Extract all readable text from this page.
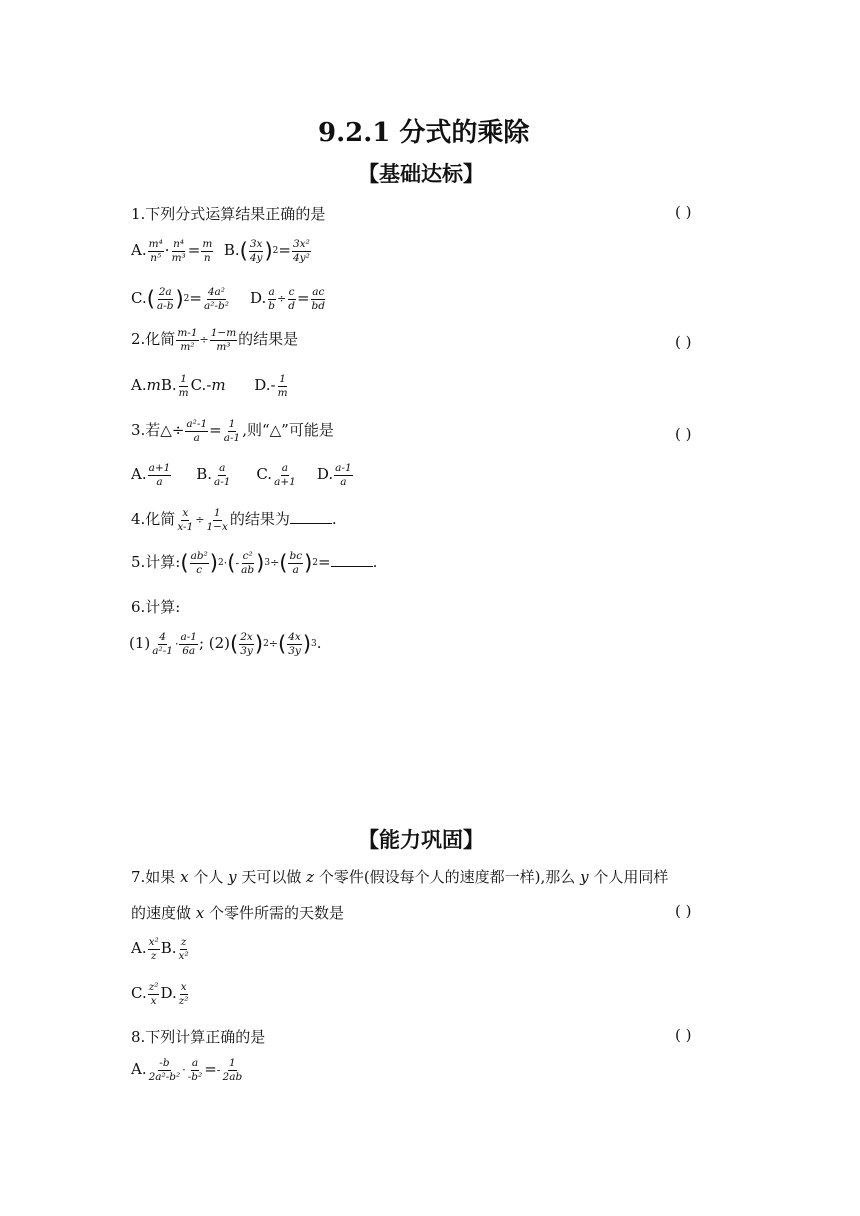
9.2.1 分式的乘除
【基础达标】
1.下列分式运算结果正确的是	( )
A. $\frac{\text{m⁴}}{\text{n⁵}} \cdot \frac{\text{n⁴}}{\text{m³}} = \frac{m}{n} B.( \frac{3x}{4y} )2= \frac{\text{3x²}}{\text{4y²}}$
$C.( \frac{2a}{a-b} )2= \frac{\text{4a²}}{\text{a²-b²}} D$. $\frac{a}{b} \div \frac{c}{d} = \frac{ac}{bd}$
2.化简 $\frac{m-1}{\text{m²}} \div \frac{1-m}{\text{m³}}$ 的结果是	( )
A.mB. $\frac{1}{m} C.-m$ $D.- \frac{1}{m}$
3.若△÷ $\frac{\text{a²-1}}{a} = \frac{1}{a-1}$ ,则“△”可能是	( )
A. $\frac{a+1}{a} B$. $\frac{a}{a-1} C$. $\frac{a}{a+1} D$. $\frac{a-1}{a}$
4.化简 $\frac{x}{x-1} \div \frac{1}{1-x}$ 的结果为	.
5.计算:( $\frac{\text{ab²}}{c} )2\cdot(- \frac{\text{c²}}{ab} )3\div( \frac{bc}{a} )2=$	.
6.计算:
$(1) \frac{4}{\text{a²-1}} \cdot \frac{a-1}{6a}$ ; $(2)( \frac{2x}{3y} )2\div( \frac{4x}{3y} )3$.
【能力巩固】
7.如果 x 个人 y 天可以做 z 个零件(假设每个人的速度都一样),那么 y 个人用同样
的速度做 x 个零件所需的天数是	( )
A. $\frac{\text{x²}}{z} B$. $\frac{z}{\text{x²}}$
C. $\frac{\text{z²}}{x} D$. $\frac{x}{\text{z²}}$
8.下列计算正确的是	( )
A. $\frac{-b}{\text{2a²-b²}} \cdot \frac{a}{\text{-b²}} =- \frac{1}{2ab}$
